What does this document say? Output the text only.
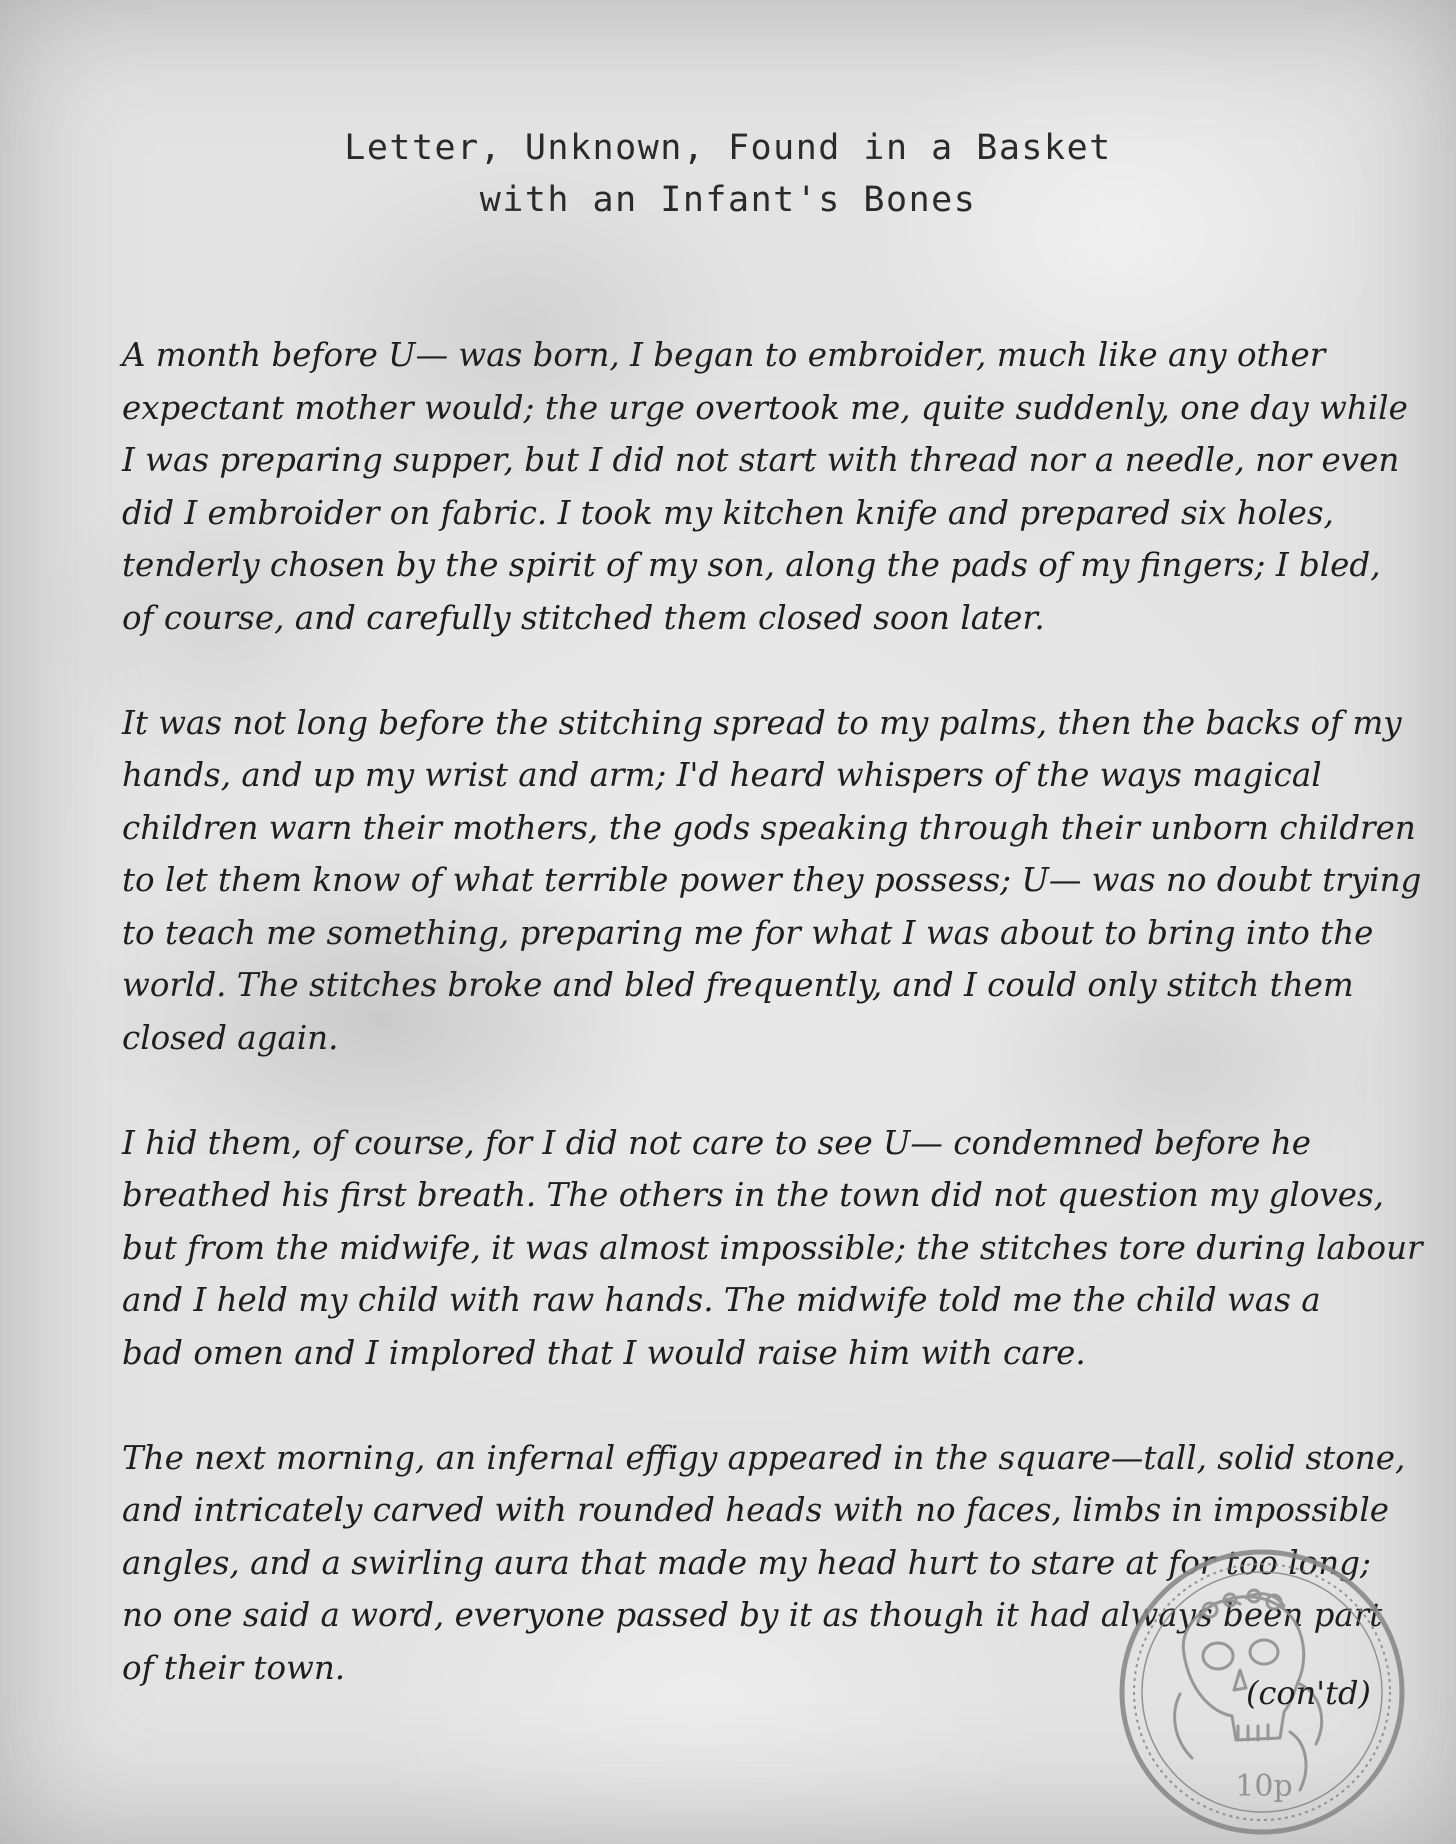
Letter, Unknown, Found in a Basket
with an Infant's Bones

A month before U— was born, I began to embroider, much like any other
expectant mother would; the urge overtook me, quite suddenly, one day while
I was preparing supper, but I did not start with thread nor a needle, nor even
did I embroider on fabric. I took my kitchen knife and prepared six holes,
tenderly chosen by the spirit of my son, along the pads of my fingers; I bled,
of course, and carefully stitched them closed soon later.

It was not long before the stitching spread to my palms, then the backs of my
hands, and up my wrist and arm; I'd heard whispers of the ways magical
children warn their mothers, the gods speaking through their unborn children
to let them know of what terrible power they possess; U— was no doubt trying
to teach me something, preparing me for what I was about to bring into the
world. The stitches broke and bled frequently, and I could only stitch them
closed again.

I hid them, of course, for I did not care to see U— condemned before he
breathed his first breath. The others in the town did not question my gloves,
but from the midwife, it was almost impossible; the stitches tore during labour
and I held my child with raw hands. The midwife told me the child was a
bad omen and I implored that I would raise him with care.

The next morning, an infernal effigy appeared in the square—tall, solid stone,
and intricately carved with rounded heads with no faces, limbs in impossible
angles, and a swirling aura that made my head hurt to stare at for too long;
no one said a word, everyone passed by it as though it had always been part
of their town.

10p
(con'td)
